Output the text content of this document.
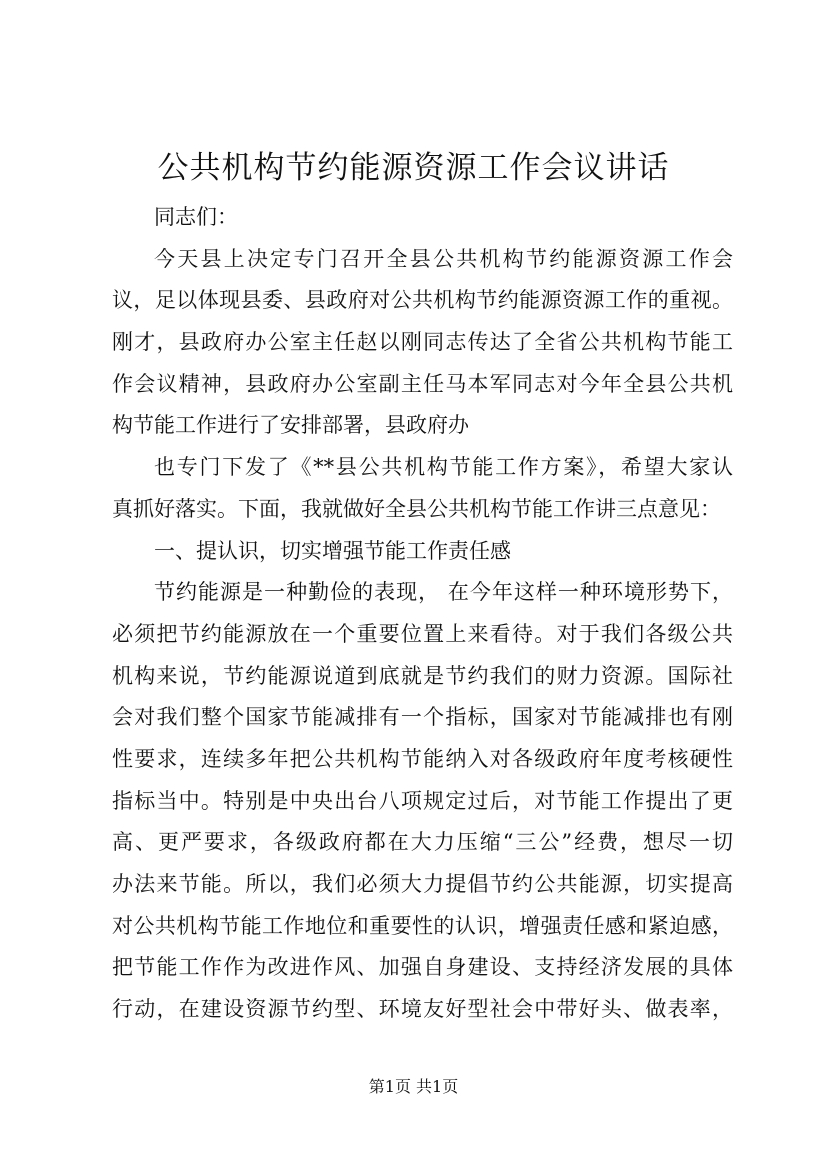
公共机构节约能源资源工作会议讲话
同志们：
今天县上决定专门召开全县公共机构节约能源资源工作会
议，足以体现县委、县政府对公共机构节约能源资源工作的重视。
刚才，县政府办公室主任赵以刚同志传达了全省公共机构节能工
作会议精神，县政府办公室副主任马本军同志对今年全县公共机
构节能工作进行了安排部署，县政府办
也专门下发了《**县公共机构节能工作方案》，希望大家认
真抓好落实。下面，我就做好全县公共机构节能工作讲三点意见：
一、提认识，切实增强节能工作责任感
节约能源是一种勤俭的表现， 在今年这样一种环境形势下，
必须把节约能源放在一个重要位置上来看待。对于我们各级公共
机构来说，节约能源说道到底就是节约我们的财力资源。国际社
会对我们整个国家节能减排有一个指标，国家对节能减排也有刚
性要求，连续多年把公共机构节能纳入对各级政府年度考核硬性
指标当中。特别是中央出台八项规定过后，对节能工作提出了更
高、更严要求，各级政府都在大力压缩“三公”经费，想尽一切
办法来节能。所以，我们必须大力提倡节约公共能源，切实提高
对公共机构节能工作地位和重要性的认识，增强责任感和紧迫感，
把节能工作作为改进作风、加强自身建设、支持经济发展的具体
行动，在建设资源节约型、环境友好型社会中带好头、做表率，
第1页 共1页
